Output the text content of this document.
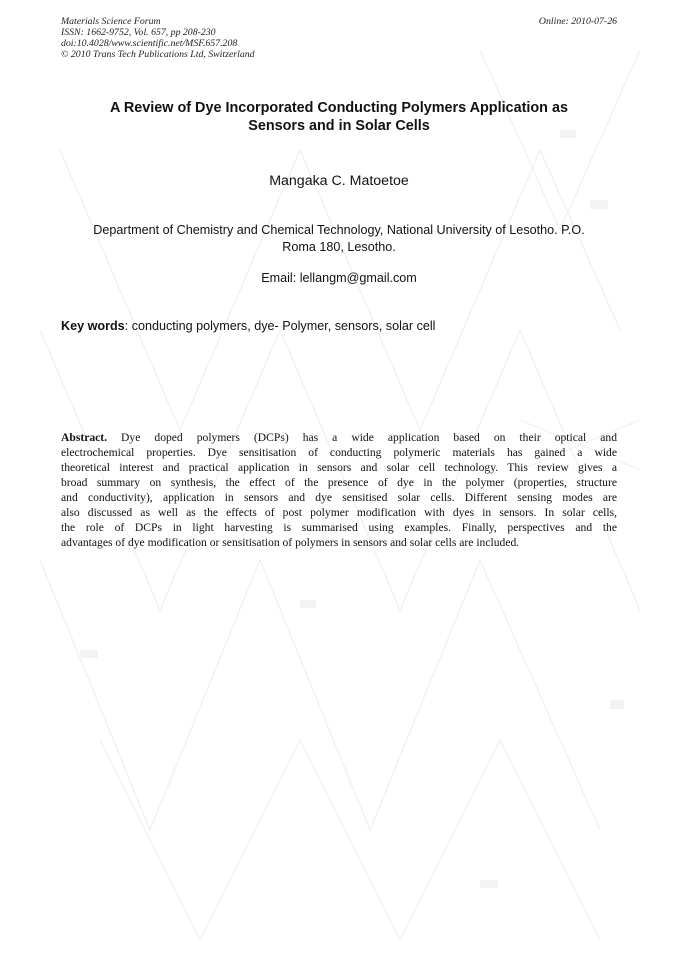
Materials Science Forum
ISSN: 1662-9752, Vol. 657, pp 208-230
doi:10.4028/www.scientific.net/MSF.657.208
© 2010 Trans Tech Publications Ltd, Switzerland
Online: 2010-07-26
A Review of Dye Incorporated Conducting Polymers Application as
Sensors and in Solar Cells
Mangaka C. Matoetoe
Department of Chemistry and Chemical Technology, National University of Lesotho. P.O.
Roma 180, Lesotho.
Email: lellangm@gmail.com
Key words: conducting polymers, dye- Polymer, sensors, solar cell
Abstract. Dye doped polymers (DCPs) has a wide application based on their optical and
electrochemical properties. Dye sensitisation of conducting polymeric materials has gained a wide
theoretical interest and practical application in sensors and solar cell technology. This review gives a
broad summary on synthesis, the effect of the presence of dye in the polymer (properties, structure
and conductivity), application in sensors and dye sensitised solar cells. Different sensing modes are
also discussed as well as the effects of post polymer modification with dyes in sensors. In solar cells,
the role of DCPs in light harvesting is summarised using examples. Finally, perspectives and the
advantages of dye modification or sensitisation of polymers in sensors and solar cells are included.
